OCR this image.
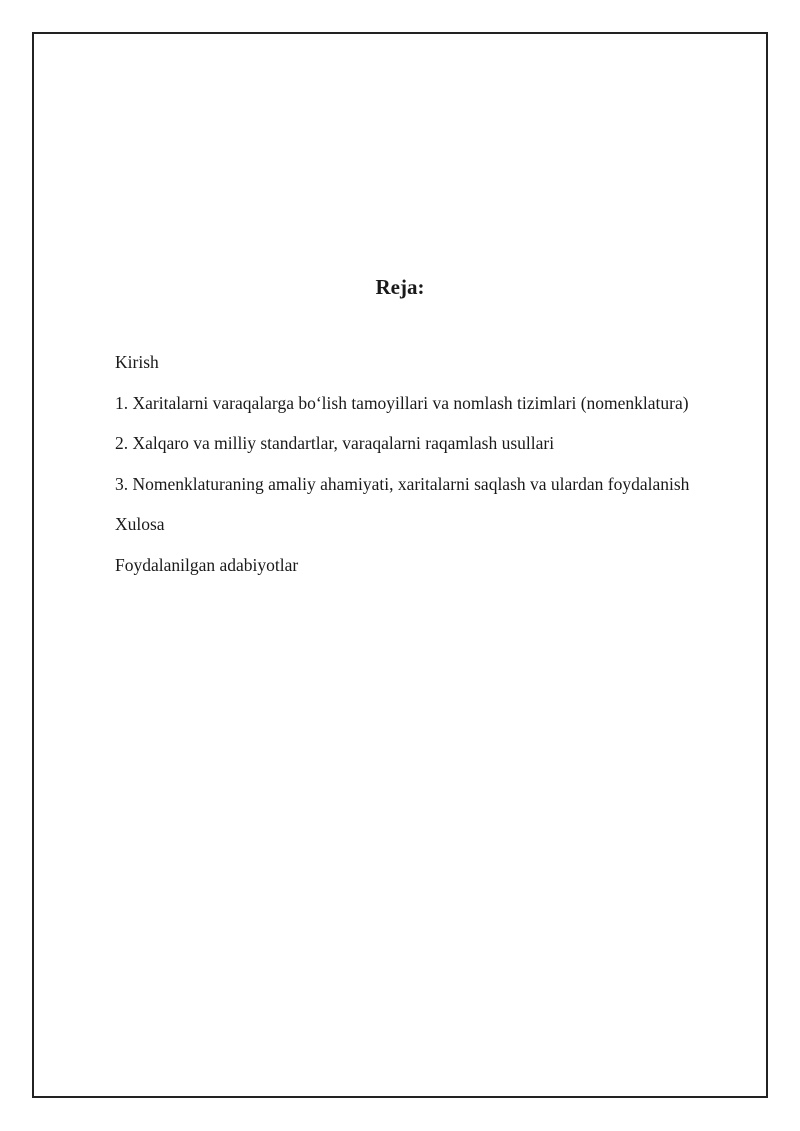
Reja:
Kirish
1. Xaritalarni varaqalarga bo‘lish tamoyillari va nomlash tizimlari (nomenklatura)
2. Xalqaro va milliy standartlar, varaqalarni raqamlash usullari
3. Nomenklaturaning amaliy ahamiyati, xaritalarni saqlash va ulardan foydalanish
Xulosa
Foydalanilgan adabiyotlar
